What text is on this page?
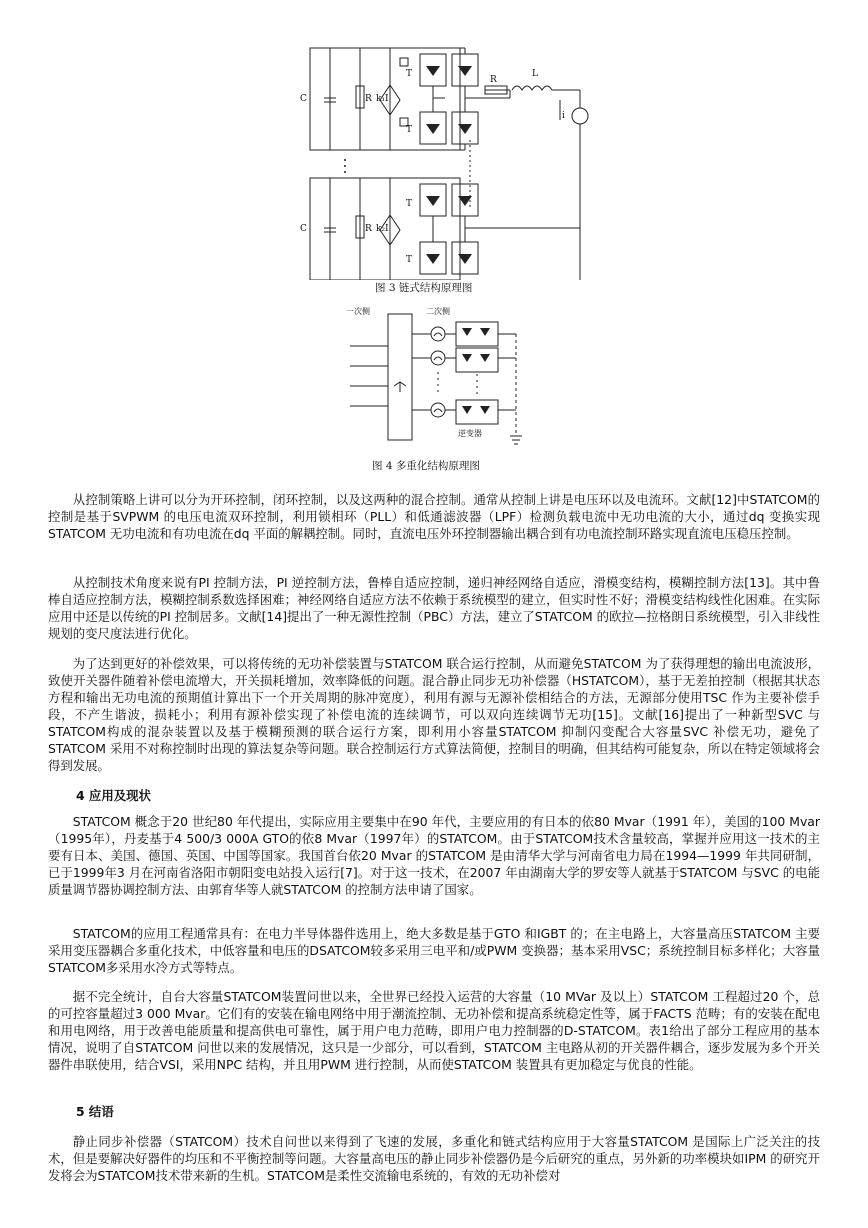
C	R k₁I
T
T
C	R k₂I
T
T
R
L
i
图 3 链式结构原理图
一次侧	二次侧
逆变器
图 4 多重化结构原理图

从控制策略上讲可以分为开环控制，闭环控制，以及这两种的混合控制。通常从控制上讲是电压环以及电流环。文献[12]中STATCOM的控制是基于SVPWM 的电压电流双环控制，利用锁相环（PLL）和低通滤波器（LPF）检测负载电流中无功电流的大小，通过dq 变换实现STATCOM 无功电流和有功电流在dq 平面的解耦控制。同时，直流电压外环控制器输出耦合到有功电流控制环路实现直流电压稳压控制。

从控制技术角度来说有PI 控制方法，PI 逆控制方法，鲁棒自适应控制，递归神经网络自适应，滑模变结构，模糊控制方法[13]。其中鲁棒自适应控制方法，模糊控制系数选择困难；神经网络自适应方法不依赖于系统模型的建立，但实时性不好；滑模变结构线性化困难。在实际应用中还是以传统的PI 控制居多。文献[14]提出了一种无源性控制（PBC）方法，建立了STATCOM 的欧拉—拉格朗日系统模型，引入非线性规划的变尺度法进行优化。

为了达到更好的补偿效果，可以将传统的无功补偿装置与STATCOM 联合运行控制，从而避免STATCOM 为了获得理想的输出电流波形，致使开关器件随着补偿电流增大，开关损耗增加，效率降低的问题。混合静止同步无功补偿器（HSTATCOM），基于无差拍控制（根据其状态方程和输出无功电流的预期值计算出下一个开关周期的脉冲宽度），利用有源与无源补偿相结合的方法，无源部分使用TSC 作为主要补偿手段，不产生谐波，损耗小；利用有源补偿实现了补偿电流的连续调节，可以双向连续调节无功[15]。文献[16]提出了一种新型SVC 与STATCOM构成的混杂装置以及基于模糊预测的联合运行方案，即利用小容量STATCOM 抑制闪变配合大容量SVC 补偿无功，避免了STATCOM 采用不对称控制时出现的算法复杂等问题。联合控制运行方式算法简便，控制目的明确，但其结构可能复杂，所以在特定领域将会得到发展。

4 应用及现状

STATCOM 概念于20 世纪80 年代提出，实际应用主要集中在90 年代，主要应用的有日本的依80 Mvar（1991 年），美国的100 Mvar（1995年），丹麦基于4 500/3 000A GTO的依8 Mvar（1997年）的STATCOM。由于STATCOM技术含量较高，掌握并应用这一技术的主要有日本、美国、德国、英国、中国等国家。我国首台依20 Mvar 的STATCOM 是由清华大学与河南省电力局在1994—1999 年共同研制，已于1999年3 月在河南省洛阳市朝阳变电站投入运行[7]。对于这一技术，在2007 年由湖南大学的罗安等人就基于STATCOM 与SVC 的电能质量调节器协调控制方法、由郭育华等人就STATCOM 的控制方法申请了国家。

STATCOM的应用工程通常具有：在电力半导体器件选用上，绝大多数是基于GTO 和IGBT 的；在主电路上，大容量高压STATCOM 主要采用变压器耦合多重化技术，中低容量和电压的DSATCOM较多采用三电平和/或PWM 变换器；基本采用VSC；系统控制目标多样化；大容量STATCOM多采用水冷方式等特点。

据不完全统计，自台大容量STATCOM装置问世以来，全世界已经投入运营的大容量（10 MVar 及以上）STATCOM 工程超过20 个，总的可控容量超过3 000 Mvar。它们有的安装在输电网络中用于潮流控制、无功补偿和提高系统稳定性等，属于FACTS 范畴；有的安装在配电和用电网络，用于改善电能质量和提高供电可靠性，属于用户电力范畴，即用户电力控制器的D-STATCOM。表1给出了部分工程应用的基本情况，说明了自STATCOM 问世以来的发展情况，这只是一少部分，可以看到，STATCOM 主电路从初的开关器件耦合，逐步发展为多个开关器件串联使用，结合VSI，采用NPC 结构，并且用PWM 进行控制，从而使STATCOM 装置具有更加稳定与优良的性能。

5 结语

静止同步补偿器（STATCOM）技术自问世以来得到了飞速的发展，多重化和链式结构应用于大容量STATCOM 是国际上广泛关注的技术，但是要解决好器件的均压和不平衡控制等问题。大容量高电压的静止同步补偿器仍是今后研究的重点，另外新的功率模块如IPM 的研究开发将会为STATCOM技术带来新的生机。STATCOM是柔性交流输电系统的，有效的无功补偿对
